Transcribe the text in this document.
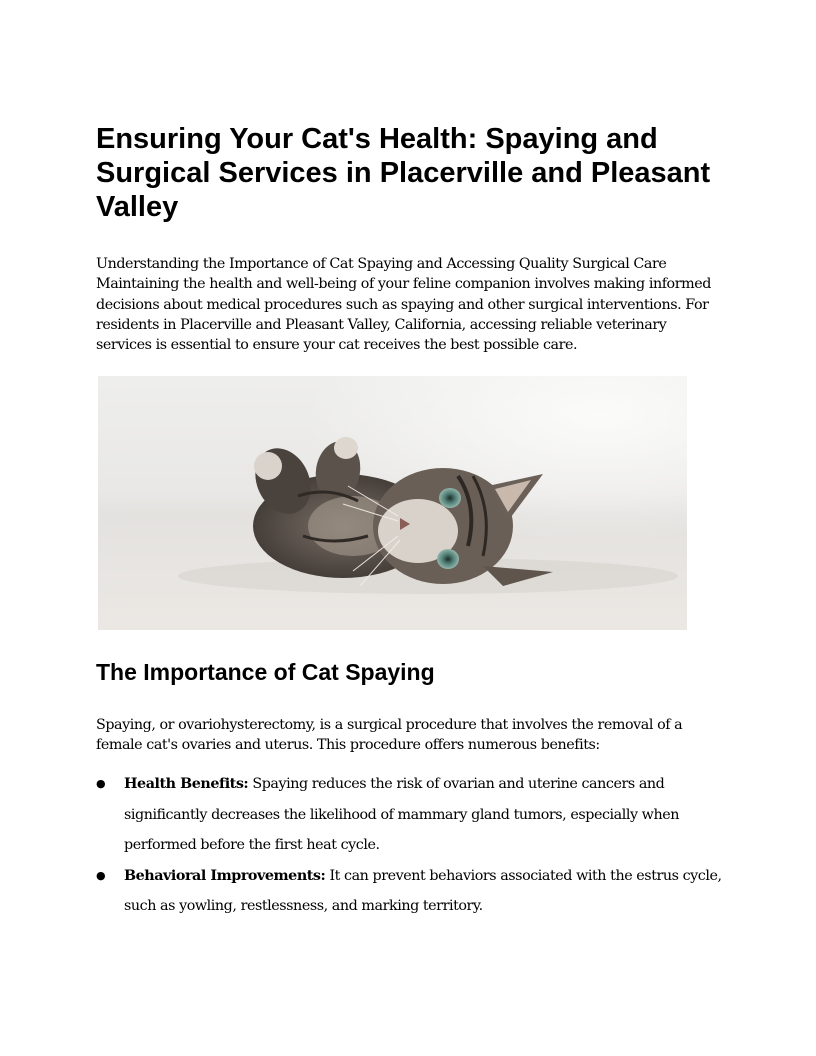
Ensuring Your Cat's Health: Spaying and Surgical Services in Placerville and Pleasant Valley

Understanding the Importance of Cat Spaying and Accessing Quality Surgical Care
Maintaining the health and well-being of your feline companion involves making informed decisions about medical procedures such as spaying and other surgical interventions. For residents in Placerville and Pleasant Valley, California, accessing reliable veterinary services is essential to ensure your cat receives the best possible care.

The Importance of Cat Spaying

Spaying, or ovariohysterectomy, is a surgical procedure that involves the removal of a female cat's ovaries and uterus. This procedure offers numerous benefits:

● Health Benefits: Spaying reduces the risk of ovarian and uterine cancers and significantly decreases the likelihood of mammary gland tumors, especially when performed before the first heat cycle.
● Behavioral Improvements: It can prevent behaviors associated with the estrus cycle, such as yowling, restlessness, and marking territory.
